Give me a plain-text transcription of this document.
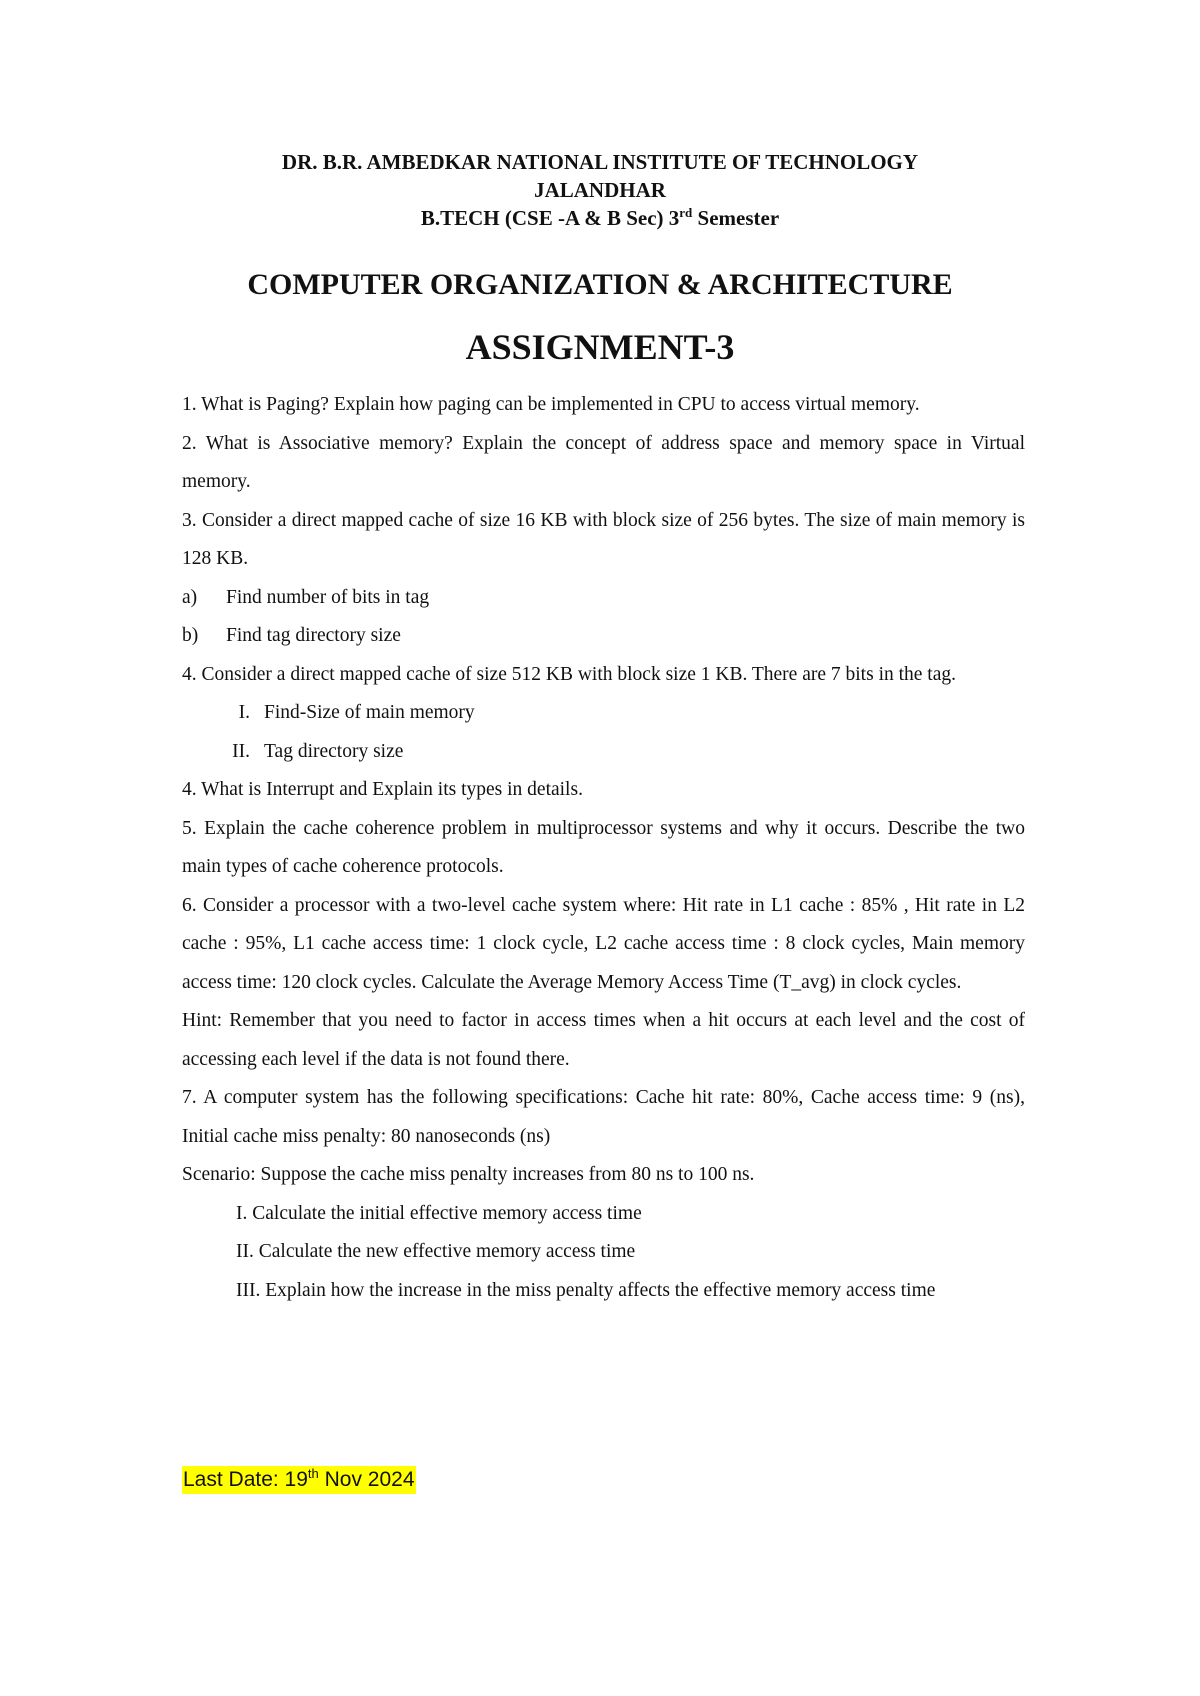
DR. B.R. AMBEDKAR NATIONAL INSTITUTE OF TECHNOLOGY
JALANDHAR
B.TECH (CSE -A & B Sec) 3rd Semester
COMPUTER ORGANIZATION & ARCHITECTURE
ASSIGNMENT-3

1. What is Paging? Explain how paging can be implemented in CPU to access virtual memory.

2. What is Associative memory? Explain the concept of address space and memory space in Virtual memory.

3. Consider a direct mapped cache of size 16 KB with block size of 256 bytes. The size of main memory is 128 KB.

a)	Find number of bits in tag
b)	Find tag directory size

4. Consider a direct mapped cache of size 512 KB with block size 1 KB. There are 7 bits in the tag.

I. Find-Size of main memory
II. Tag directory size

4. What is Interrupt and Explain its types in details.

5. Explain the cache coherence problem in multiprocessor systems and why it occurs. Describe the two main types of cache coherence protocols.

6. Consider a processor with a two-level cache system where: Hit rate in L1 cache : 85% , Hit rate in L2 cache : 95%, L1 cache access time: 1 clock cycle, L2 cache access time : 8 clock cycles, Main memory access time: 120 clock cycles. Calculate the Average Memory Access Time (T_avg) in clock cycles.

Hint: Remember that you need to factor in access times when a hit occurs at each level and the cost of accessing each level if the data is not found there.

7. A computer system has the following specifications: Cache hit rate: 80%, Cache access time: 9 (ns), Initial cache miss penalty: 80 nanoseconds (ns)

Scenario: Suppose the cache miss penalty increases from 80 ns to 100 ns.

I. Calculate the initial effective memory access time
II. Calculate the new effective memory access time

III. Explain how the increase in the miss penalty affects the effective memory access time

Last Date: 19th Nov 2024
